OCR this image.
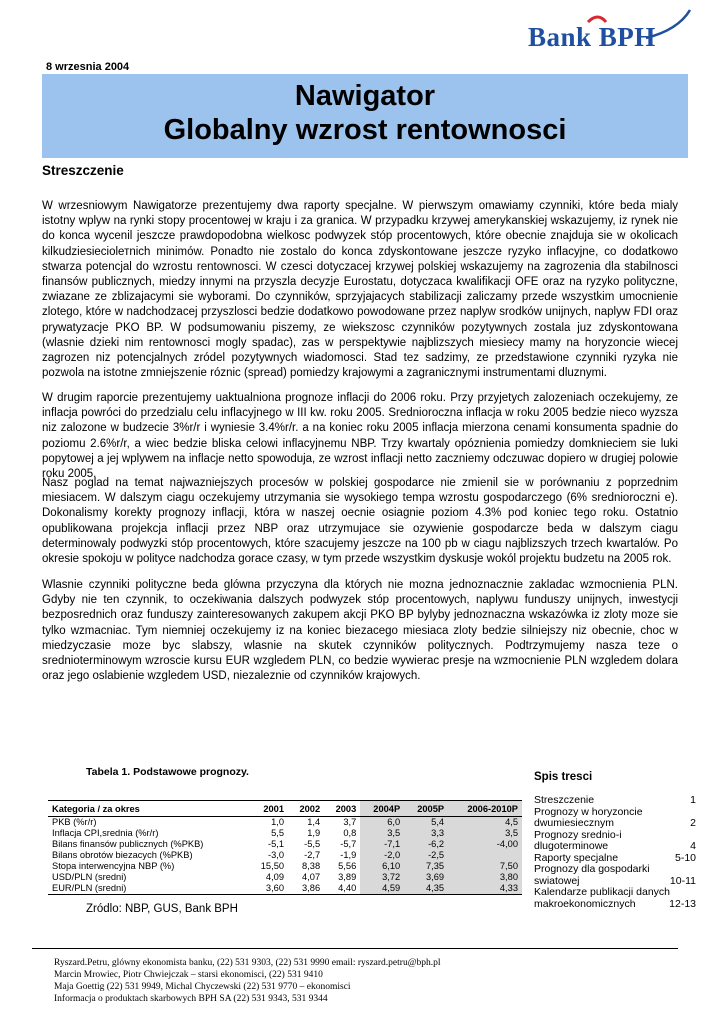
Bank BPH
8 wrzesnia 2004
Nawigator
Globalny wzrost rentownosci
Streszczenie
W wrzesniowym Nawigatorze prezentujemy dwa raporty specjalne. W pierwszym omawiamy czynniki, które beda mialy istotny wplyw na rynki stopy procentowej w kraju i za granica. W przypadku krzywej amerykanskiej wskazujemy, iz rynek nie do konca wycenil jeszcze prawdopodobna wielkosc podwyzek stóp procentowych, które obecnie znajduja sie w okolicach kilkudziesieciolетnich minimów. Ponadto nie zostalo do konca zdyskontowane jeszcze ryzyko inflacyjne, co dodatkowo stwarza potencjal do wzrostu rentownosci. W czesci dotyczacej krzywej polskiej wskazujemy na zagrozenia dla stabilnosci finansów publicznych, miedzy innymi na przyszla decyzje Eurostatu, dotyczaca kwalifikacji OFE oraz na ryzyko polityczne, zwiazane ze zblizajacymi sie wyborami. Do czynników, sprzyjajacych stabilizacji zaliczamy przede wszystkim umocnienie zlotego, które w nadchodzacej przyszlosci bedzie dodatkowo powodowane przez naplyw srodków unijnych, naplyw FDI oraz prywatyzacje PKO BP. W podsumowaniu piszemy, ze wiekszosc czynników pozytywnych zostala juz zdyskontowana (wlasnie dzieki nim rentownosci mogly spadac), zas w perspektywie najblizszych miesiecy mamy na horyzoncie wiecej zagrozen niz potencjalnych zródel pozytywnych wiadomosci. Stad tez sadzimy, ze przedstawione czynniki ryzyka nie pozwola na istotne zmniejszenie róznic (spread) pomiedzy krajowymi a zagranicznymi instrumentami dluznymi.
W drugim raporcie prezentujemy uaktualniona prognoze inflacji do 2006 roku. Przy przyjetych zalozeniach oczekujemy, ze inflacja powróci do przedzialu celu inflacyjnego w III kw. roku 2005. Srednioroczna inflacja w roku 2005 bedzie nieco wyzsza niz zalozone w budzecie 3%r/r i wyniesie 3.4%r/r. a na koniec roku 2005 inflacja mierzona cenami konsumenta spadnie do poziomu 2.6%r/r, a wiec bedzie bliska celowi inflacyjnemu NBP. Trzy kwartaly opóznienia pomiedzy domknieciem sie luki popytowej a jej wplywem na inflacje netto spowoduja, ze wzrost inflacji netto zaczniemy odczuwac dopiero w drugiej polowie roku 2005.
Nasz poglad na temat najwazniejszych procesów w polskiej gospodarce nie zmienil sie w porównaniu z poprzednim miesiacem. W dalszym ciagu oczekujemy utrzymania sie wysokiego tempa wzrostu gospodarczego (6% srednioroczni e). Dokonalismy korekty prognozy inflacji, którа w naszej oecnie osiagnie poziom 4.3% pod koniec tego roku. Ostatnio opublikowana projekcja inflacji przez NBP oraz utrzymujace sie ozywienie gospodarcze beda w dalszym ciagu determinowaly podwyzki stóp procentowych, które szacujemy jeszcze na 100 pb w ciagu najblizszych trzech kwartalów. Po okresie spokoju w polityce nadchodza gorace czasy, w tym przede wszystkim dyskusje wokól projektu budzetu na 2005 rok.
Wlasnie czynniki polityczne beda glówna przyczyna dla których nie mozna jednoznacznie zakladac wzmocnienia PLN. Gdyby nie ten czynnik, to oczekiwania dalszych podwyzek stóp procentowych, naplywu funduszy unijnych, inwestycji bezposrednich oraz funduszy zainteresowanych zakupem akcji PKO BP bylyby jednoznaczna wskazówka iz zloty moze sie tylko wzmacniac. Tym niemniej oczekujemy iz na koniec biezacego miesiaca zloty bedzie silniejszy niz obecnie, choc w miedzyczasie moze byc slabszy, wlasnie na skutek czynników politycznych. Podtrzymujemy nasza teze o srednioterminowym wzroscie kursu EUR wzgledem PLN, co bedzie wywierac presje na wzmocnienie PLN wzgledem dolara oraz jego oslabienie wzgledem USD, niezaleznie od czynników krajowych.
Tabela 1. Podstawowe prognozy.
Kategoria / za okres	2001	2002	2003	2004P	2005P	2006-2010P
PKB (%r/r)	1,0	1,4	3,7	6,0	5,4	4,5
Inflacja CPI,srednia (%r/r)	5,5	1,9	0,8	3,5	3,3	3,5
Bilans finansów publicznych (%PKB)	-5,1	-5,5	-5,7	-7,1	-6,2	-4,00
Bilans obrotów biezacych (%PKB)	-3,0	-2,7	-1,9	-2,0	-2,5	
Stopa interwencyjna NBP (%)	15,50	8,38	5,56	6,10	7,35	7,50
USD/PLN (sredni)	4,09	4,07	3,89	3,72	3,69	3,80
EUR/PLN (sredni)	3,60	3,86	4,40	4,59	4,35	4,33
Zródlo: NBP, GUS, Bank BPH
Spis tresci
Streszczenie	1
Prognozy w horyzoncie dwumiesiecznym	2
Prognozy srednio-i dlugoterminowe	4
Raporty specjalne	5-10
Prognozy dla gospodarki swiatowej	10-11
Kalendarze publikacji danych makroekonomicznych	12-13
Ryszard.Petru, glówny ekonomista banku, (22) 531 9303, (22) 531 9990 email: ryszard.petru@bph.pl
Marcin Mrowiec, Piotr Chwiejczak – starsi ekonomisci, (22) 531 9410
Maja Goettig (22) 531 9949, Michal Chyczewski (22) 531 9770 – ekonomisci
Informacja o produktach skarbowych BPH SA (22) 531 9343, 531 9344
